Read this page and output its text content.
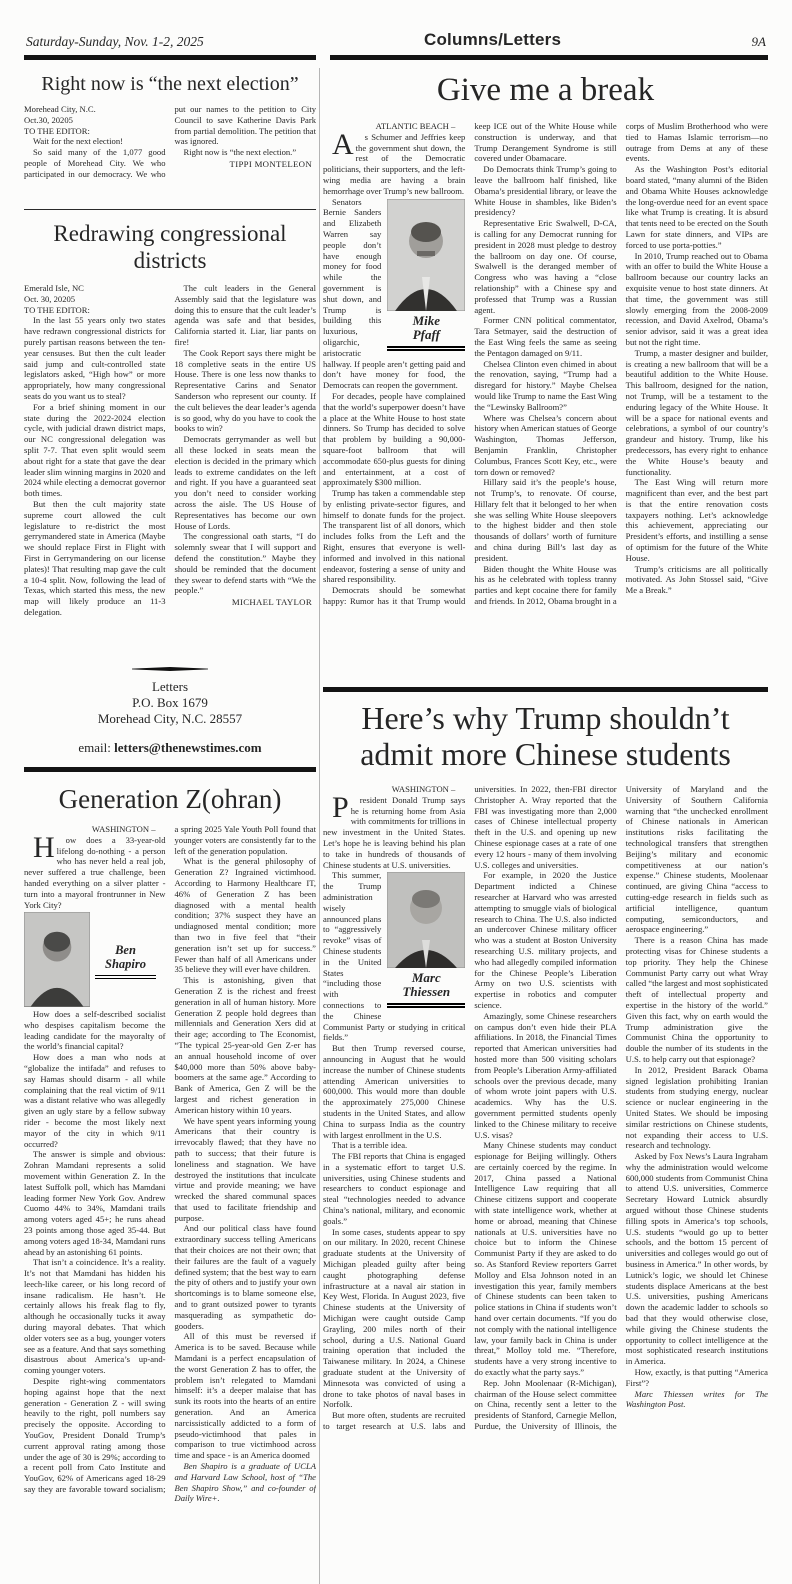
Saturday-Sunday, Nov. 1-2, 2025	Columns/Letters	9A
Right now is “the next election”

Morehead City, N.C.

Oct.30, 20205

TO THE EDITOR:

Wait for the next election!

So said many of the 1,077 good people of Morehead City. We who participated in our democracy. We who put our names to the petition to City Council to save Katherine Davis Park from partial demolition. The petition that was ignored.

Right now is “the next election.”

TIPPI MONTELEON

Redrawing congressional districts

Emerald Isle, NC

Oct. 30, 20205

TO THE EDITOR:

In the last 55 years only two states have redrawn congressional districts for purely partisan reasons between the ten-year censuses. But then the cult leader said jump and cult-controlled state legislators asked, “High how” or more appropriately, how many congressional seats do you want us to steal?

For a brief shining moment in our state during the 2022-2024 election cycle, with judicial drawn district maps, our NC congressional delegation was split 7-7. That even split would seem about right for a state that gave the dear leader slim winning margins in 2020 and 2024 while electing a democrat governor both times.

But then the cult majority state supreme court allowed the cult legislature to re-district the most gerrymandered state in America (Maybe we should replace First in Flight with First in Gerrymandering on our license plates)! That resulting map gave the cult a 10-4 split. Now, following the lead of Texas, which started this mess, the new map will likely produce an 11-3 delegation.

The cult leaders in the General Assembly said that the legislature was doing this to ensure that the cult leader’s agenda was safe and that besides, California started it. Liar, liar pants on fire!

The Cook Report says there might be 18 completive seats in the entire US House. There is one less now thanks to Representative Carins and Senator Sanderson who represent our county. If the cult believes the dear leader’s agenda is so good, why do you have to cook the books to win?

Democrats gerrymander as well but all these locked in seats mean the election is decided in the primary which leads to extreme candidates on the left and right. If you have a guaranteed seat you don’t need to consider working across the aisle. The US House of Representatives has become our own House of Lords.

The congressional oath starts, “I do solemnly swear that I will support and defend the constitution.” Maybe they should be reminded that the document they swear to defend starts with “We the people.”

MICHAEL TAYLOR

Letters
P.O. Box 1679
Morehead City, N.C. 28557
email: letters@thenewstimes.com
Generation Z(ohran)

WASHINGTON –

How does a 33-year-old lifelong do-nothing - a person who has never held a real job, never suffered a true challenge, been handed everything on a silver platter - turn into a mayoral frontrunner in New York City?

Ben
Shapiro

How does a self-described socialist who despises capitalism become the leading candidate for the mayoralty of the world’s financial capital?

How does a man who nods at “globalize the intifada” and refuses to say Hamas should disarm - all while complaining that the real victim of 9/11 was a distant relative who was allegedly given an ugly stare by a fellow subway rider - become the most likely next mayor of the city in which 9/11 occurred?

The answer is simple and obvious: Zohran Mamdani represents a solid movement within Generation Z. In the latest Suffolk poll, which has Mamdani leading former New York Gov. Andrew Cuomo 44% to 34%, Mamdani trails among voters aged 45+; he runs ahead 23 points among those aged 35-44. But among voters aged 18-34, Mamdani runs ahead by an astonishing 61 points.

That isn’t a coincidence. It’s a reality. It’s not that Mamdani has hidden his leech-like career, or his long record of insane radicalism. He hasn’t. He certainly allows his freak flag to fly, although he occasionally tucks it away during mayoral debates. That which older voters see as a bug, younger voters see as a feature. And that says something disastrous about America’s up-and-coming younger voters.

Despite right-wing commentators hoping against hope that the next generation - Generation Z - will swing heavily to the right, poll numbers say precisely the opposite. According to YouGov, President Donald Trump’s current approval rating among those under the age of 30 is 29%; according to a recent poll from Cato Institute and YouGov, 62% of Americans aged 18-29 say they are favorable toward socialism; a spring 2025 Yale Youth Poll found that younger voters are consistently far to the left of the generation population.

What is the general philosophy of Generation Z? Ingrained victimhood. According to Harmony Healthcare IT, 46% of Generation Z has been diagnosed with a mental health condition; 37% suspect they have an undiagnosed mental condition; more than two in five feel that “their generation isn’t set up for success.” Fewer than half of all Americans under 35 believe they will ever have children.

This is astonishing, given that Generation Z is the richest and freest generation in all of human history. More Generation Z people hold degrees than millennials and Generation Xers did at their age; according to The Economist, “The typical 25-year-old Gen Z-er has an annual household income of over $40,000 more than 50% above baby-boomers at the same age.” According to Bank of America, Gen Z will be the largest and richest generation in American history within 10 years.

We have spent years informing young Americans that their country is irrevocably flawed; that they have no path to success; that their future is loneliness and stagnation. We have destroyed the institutions that inculcate virtue and provide meaning; we have wrecked the shared communal spaces that used to facilitate friendship and purpose.

And our political class have found extraordinary success telling Americans that their choices are not their own; that their failures are the fault of a vaguely defined system; that the best way to earn the pity of others and to justify your own shortcomings is to blame someone else, and to grant outsized power to tyrants masquerading as sympathetic do-gooders.

All of this must be reversed if America is to be saved. Because while Mamdani is a perfect encapsulation of the worst Generation Z has to offer, the problem isn’t relegated to Mamdani himself: it’s a deeper malaise that has sunk its roots into the hearts of an entire generation. And an America narcissistically addicted to a form of pseudo-victimhood that pales in comparison to true victimhood across time and space - is an America doomed

Ben Shapiro is a graduate of UCLA and Harvard Law School, host of “The Ben Shapiro Show,” and co-founder of Daily Wire+.

Give me a break

ATLANTIC BEACH –

As Schumer and Jeffries keep the government shut down, the rest of the Democratic politicians, their supporters, and the left-wing media are having a brain hemorrhage over Trump’s new ballroom.

Mike
Pfaff

Senators Bernie Sanders and Elizabeth Warren say people don’t have enough money for food while the government is shut down, and Trump is building this luxurious, oligarchic, aristocratic hallway. If people aren’t getting paid and don’t have money for food, the Democrats can reopen the government.

For decades, people have complained that the world’s superpower doesn’t have a place at the White House to host state dinners. So Trump has decided to solve that problem by building a 90,000-square-foot ballroom that will accommodate 650-plus guests for dining and entertainment, at a cost of approximately $300 million.

Trump has taken a commendable step by enlisting private-sector figures, and himself to donate funds for the project. The transparent list of all donors, which includes folks from the Left and the Right, ensures that everyone is well-informed and involved in this national endeavor, fostering a sense of unity and shared responsibility.

Democrats should be somewhat happy: Rumor has it that Trump would keep ICE out of the White House while construction is underway, and that Trump Derangement Syndrome is still covered under Obamacare.

Do Democrats think Trump’s going to leave the ballroom half finished, like Obama’s presidential library, or leave the White House in shambles, like Biden’s presidency?

Representative Eric Swalwell, D-CA, is calling for any Democrat running for president in 2028 must pledge to destroy the ballroom on day one. Of course, Swalwell is the deranged member of Congress who was having a “close relationship” with a Chinese spy and professed that Trump was a Russian agent.

Former CNN political commentator, Tara Setmayer, said the destruction of the East Wing feels the same as seeing the Pentagon damaged on 9/11.

Chelsea Clinton even chimed in about the renovation, saying, “Trump had a disregard for history.” Maybe Chelsea would like Trump to name the East Wing the “Lewinsky Ballroom?”

Where was Chelsea’s concern about history when American statues of George Washington, Thomas Jefferson, Benjamin Franklin, Christopher Columbus, Frances Scott Key, etc., were torn down or removed?

Hillary said it’s the people’s house, not Trump’s, to renovate. Of course, Hillary felt that it belonged to her when she was selling White House sleepovers to the highest bidder and then stole thousands of dollars’ worth of furniture and china during Bill’s last day as president.

Biden thought the White House was his as he celebrated with topless tranny parties and kept cocaine there for family and friends. In 2012, Obama brought in a corps of Muslim Brotherhood who were tied to Hamas Islamic terrorism—no outrage from Dems at any of these events.

As the Washington Post’s editorial board stated, “many alumni of the Biden and Obama White Houses acknowledge the long-overdue need for an event space like what Trump is creating. It is absurd that tents need to be erected on the South Lawn for state dinners, and VIPs are forced to use porta-potties.”

In 2010, Trump reached out to Obama with an offer to build the White House a ballroom because our country lacks an exquisite venue to host state dinners. At that time, the government was still slowly emerging from the 2008-2009 recession, and David Axelrod, Obama’s senior advisor, said it was a great idea but not the right time.

Trump, a master designer and builder, is creating a new ballroom that will be a beautiful addition to the White House. This ballroom, designed for the nation, not Trump, will be a testament to the enduring legacy of the White House. It will be a space for national events and celebrations, a symbol of our country’s grandeur and history. Trump, like his predecessors, has every right to enhance the White House’s beauty and functionality.

The East Wing will return more magnificent than ever, and the best part is that the entire renovation costs taxpayers nothing. Let’s acknowledge this achievement, appreciating our President’s efforts, and instilling a sense of optimism for the future of the White House.

Trump’s criticisms are all politically motivated. As John Stossel said, “Give Me a Break.”

Here’s why Trump shouldn’t admit more Chinese students

WASHINGTON –

President Donald Trump says he is returning home from Asia with commitments for trillions in new investment in the United States. Let’s hope he is leaving behind his plan to take in hundreds of thousands of Chinese students at U.S. universities.

Marc
Thiessen

This summer, the Trump administration wisely announced plans to “aggressively revoke” visas of Chinese students in the United States “including those with connections to the Chinese Communist Party or studying in critical fields.”

But then Trump reversed course, announcing in August that he would increase the number of Chinese students attending American universities to 600,000. This would more than double the approximately 275,000 Chinese students in the United States, and allow China to surpass India as the country with largest enrollment in the U.S.

That is a terrible idea.

The FBI reports that China is engaged in a systematic effort to target U.S. universities, using Chinese students and researchers to conduct espionage and steal “technologies needed to advance China’s national, military, and economic goals.”

In some cases, students appear to spy on our military. In 2020, recent Chinese graduate students at the University of Michigan pleaded guilty after being caught photographing defense infrastructure at a naval air station in Key West, Florida. In August 2023, five Chinese students at the University of Michigan were caught outside Camp Grayling, 200 miles north of their school, during a U.S. National Guard training operation that included the Taiwanese military. In 2024, a Chinese graduate student at the University of Minnesota was convicted of using a drone to take photos of naval bases in Norfolk.

But more often, students are recruited to target research at U.S. labs and universities. In 2022, then-FBI director Christopher A. Wray reported that the FBI was investigating more than 2,000 cases of Chinese intellectual property theft in the U.S. and opening up new Chinese espionage cases at a rate of one every 12 hours - many of them involving U.S. colleges and universities.

For example, in 2020 the Justice Department indicted a Chinese researcher at Harvard who was arrested attempting to smuggle vials of biological research to China. The U.S. also indicted an undercover Chinese military officer who was a student at Boston University researching U.S. military projects, and who had allegedly compiled information for the Chinese People’s Liberation Army on two U.S. scientists with expertise in robotics and computer science.

Amazingly, some Chinese researchers on campus don’t even hide their PLA affiliations. In 2018, the Financial Times reported that American universities had hosted more than 500 visiting scholars from People’s Liberation Army-affiliated schools over the previous decade, many of whom wrote joint papers with U.S. academics. Why has the U.S. government permitted students openly linked to the Chinese military to receive U.S. visas?

Many Chinese students may conduct espionage for Beijing willingly. Others are certainly coerced by the regime. In 2017, China passed a National Intelligence Law requiring that all Chinese citizens support and cooperate with state intelligence work, whether at home or abroad, meaning that Chinese nationals at U.S. universities have no choice but to inform the Chinese Communist Party if they are asked to do so. As Stanford Review reporters Garret Molloy and Elsa Johnson noted in an investigation this year, family members of Chinese students can been taken to police stations in China if students won’t hand over certain documents. “If you do not comply with the national intelligence law, your family back in China is under threat,” Molloy told me. “Therefore, students have a very strong incentive to do exactly what the party says.”

Rep. John Moolenaar (R-Michigan), chairman of the House select committee on China, recently sent a letter to the presidents of Stanford, Carnegie Mellon, Purdue, the University of Illinois, the University of Maryland and the University of Southern California warning that “the unchecked enrollment of Chinese nationals in American institutions risks facilitating the technological transfers that strengthen Beijing’s military and economic competitiveness at our nation’s expense.” Chinese students, Moolenaar continued, are giving China “access to cutting-edge research in fields such as artificial intelligence, quantum computing, semiconductors, and aerospace engineering.”

There is a reason China has made protecting visas for Chinese students a top priority. They help the Chinese Communist Party carry out what Wray called “the largest and most sophisticated theft of intellectual property and expertise in the history of the world.” Given this fact, why on earth would the Trump administration give the Communist China the opportunity to double the number of its students in the U.S. to help carry out that espionage?

In 2012, President Barack Obama signed legislation prohibiting Iranian students from studying energy, nuclear science or nuclear engineering in the United States. We should be imposing similar restrictions on Chinese students, not expanding their access to U.S. research and technology.

Asked by Fox News’s Laura Ingraham why the administration would welcome 600,000 students from Communist China to attend U.S. universities, Commerce Secretary Howard Lutnick absurdly argued without those Chinese students filling spots in America’s top schools, U.S. students “would go up to better schools, and the bottom 15 percent of universities and colleges would go out of business in America.” In other words, by Lutnick’s logic, we should let Chinese students displace Americans at the best U.S. universities, pushing Americans down the academic ladder to schools so bad that they would otherwise close, while giving the Chinese students the opportunity to collect intelligence at the most sophisticated research institutions in America.

How, exactly, is that putting “America First”?

Marc Thiessen writes for The Washington Post.
